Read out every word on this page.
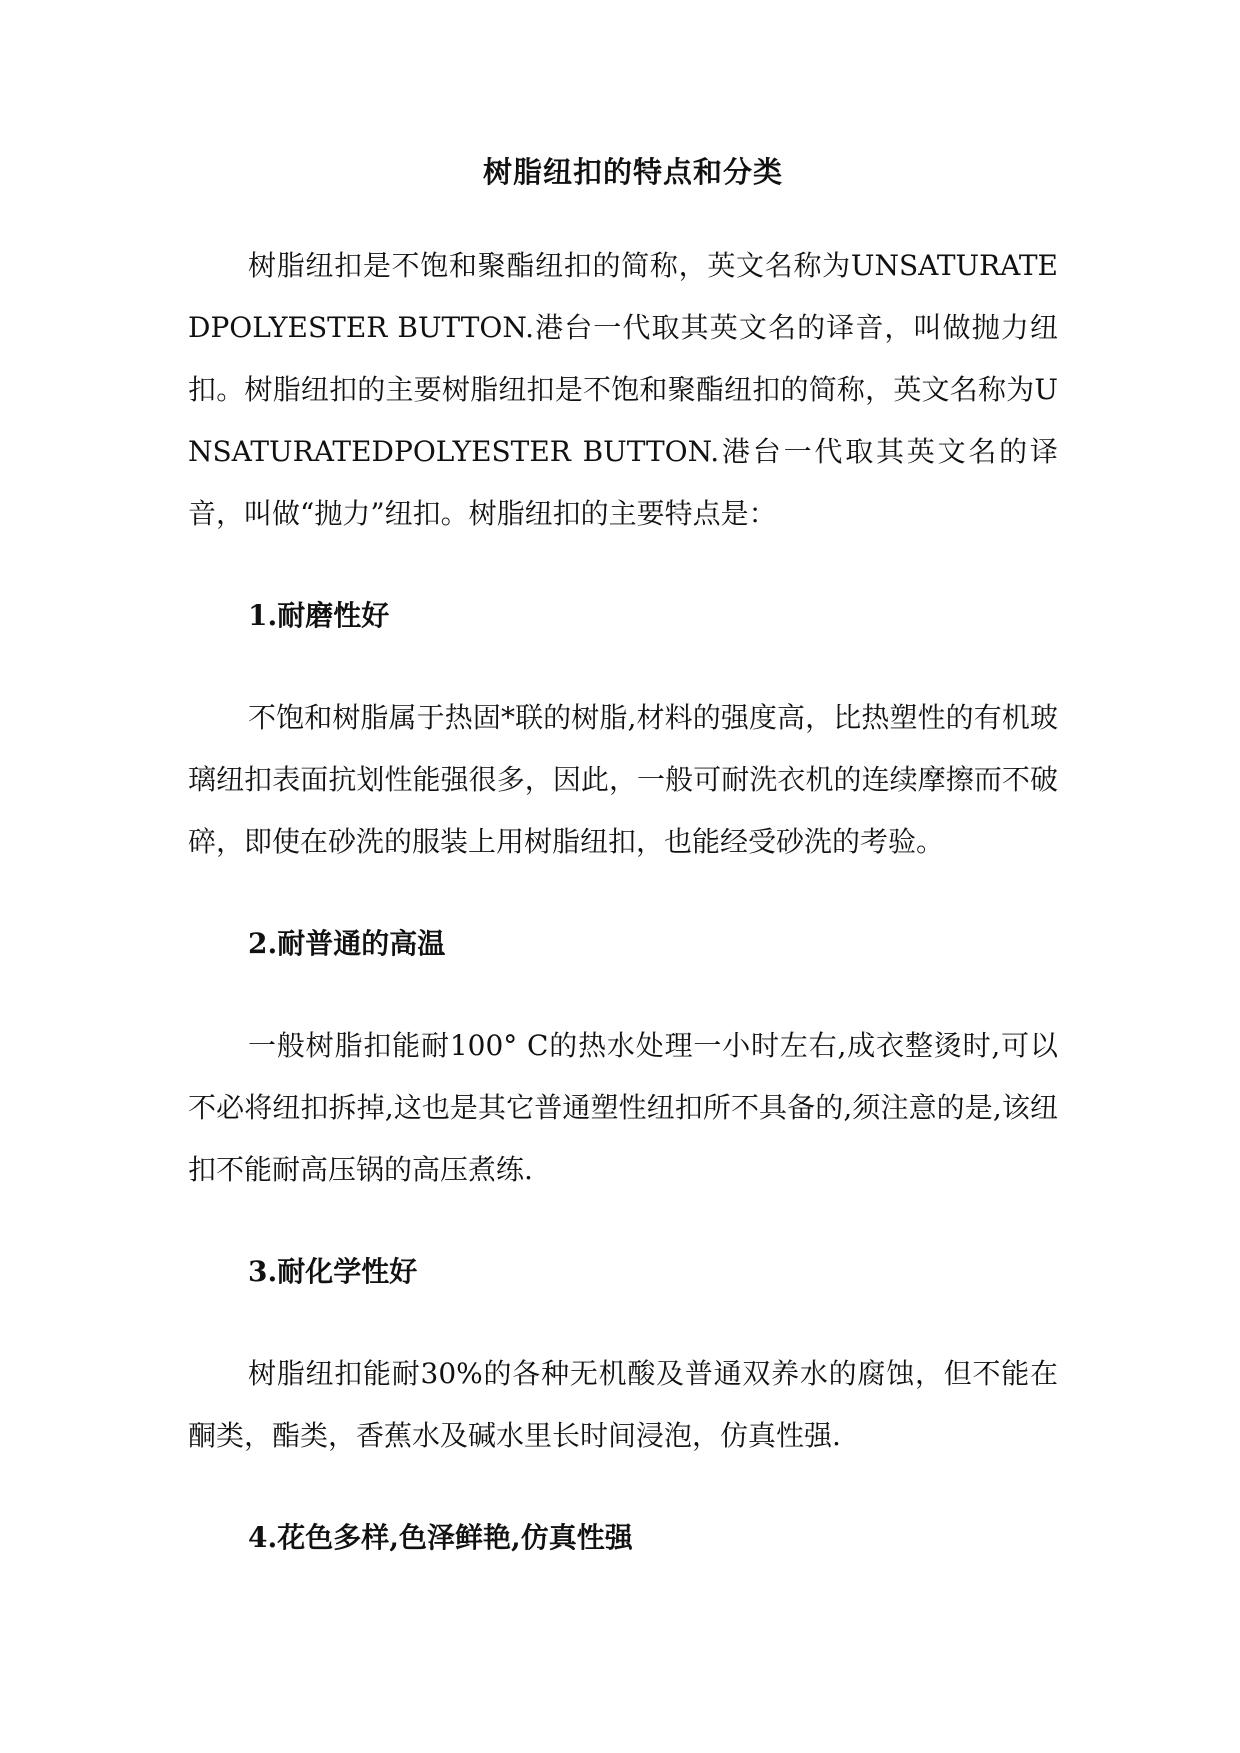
树脂纽扣的特点和分类

树脂纽扣是不饱和聚酯纽扣的简称，英文名称为UNSATURATEDPOLYESTER BUTTON.港台一代取其英文名的译音，叫做抛力纽扣。树脂纽扣的主要树脂纽扣是不饱和聚酯纽扣的简称，英文名称为UNSATURATEDPOLYESTER BUTTON.港台一代取其英文名的译音，叫做“抛力”纽扣。树脂纽扣的主要特点是：

1.耐磨性好

不饱和树脂属于热固*联的树脂,材料的强度高，比热塑性的有机玻璃纽扣表面抗划性能强很多，因此，一般可耐洗衣机的连续摩擦而不破碎，即使在砂洗的服装上用树脂纽扣，也能经受砂洗的考验。

2.耐普通的高温

一般树脂扣能耐100° C的热水处理一小时左右,成衣整烫时,可以不必将纽扣拆掉,这也是其它普通塑性纽扣所不具备的,须注意的是,该纽扣不能耐高压锅的高压煮练.

3.耐化学性好

树脂纽扣能耐30%的各种无机酸及普通双养水的腐蚀，但不能在酮类，酯类，香蕉水及碱水里长时间浸泡，仿真性强.

4.花色多样,色泽鲜艳,仿真性强
